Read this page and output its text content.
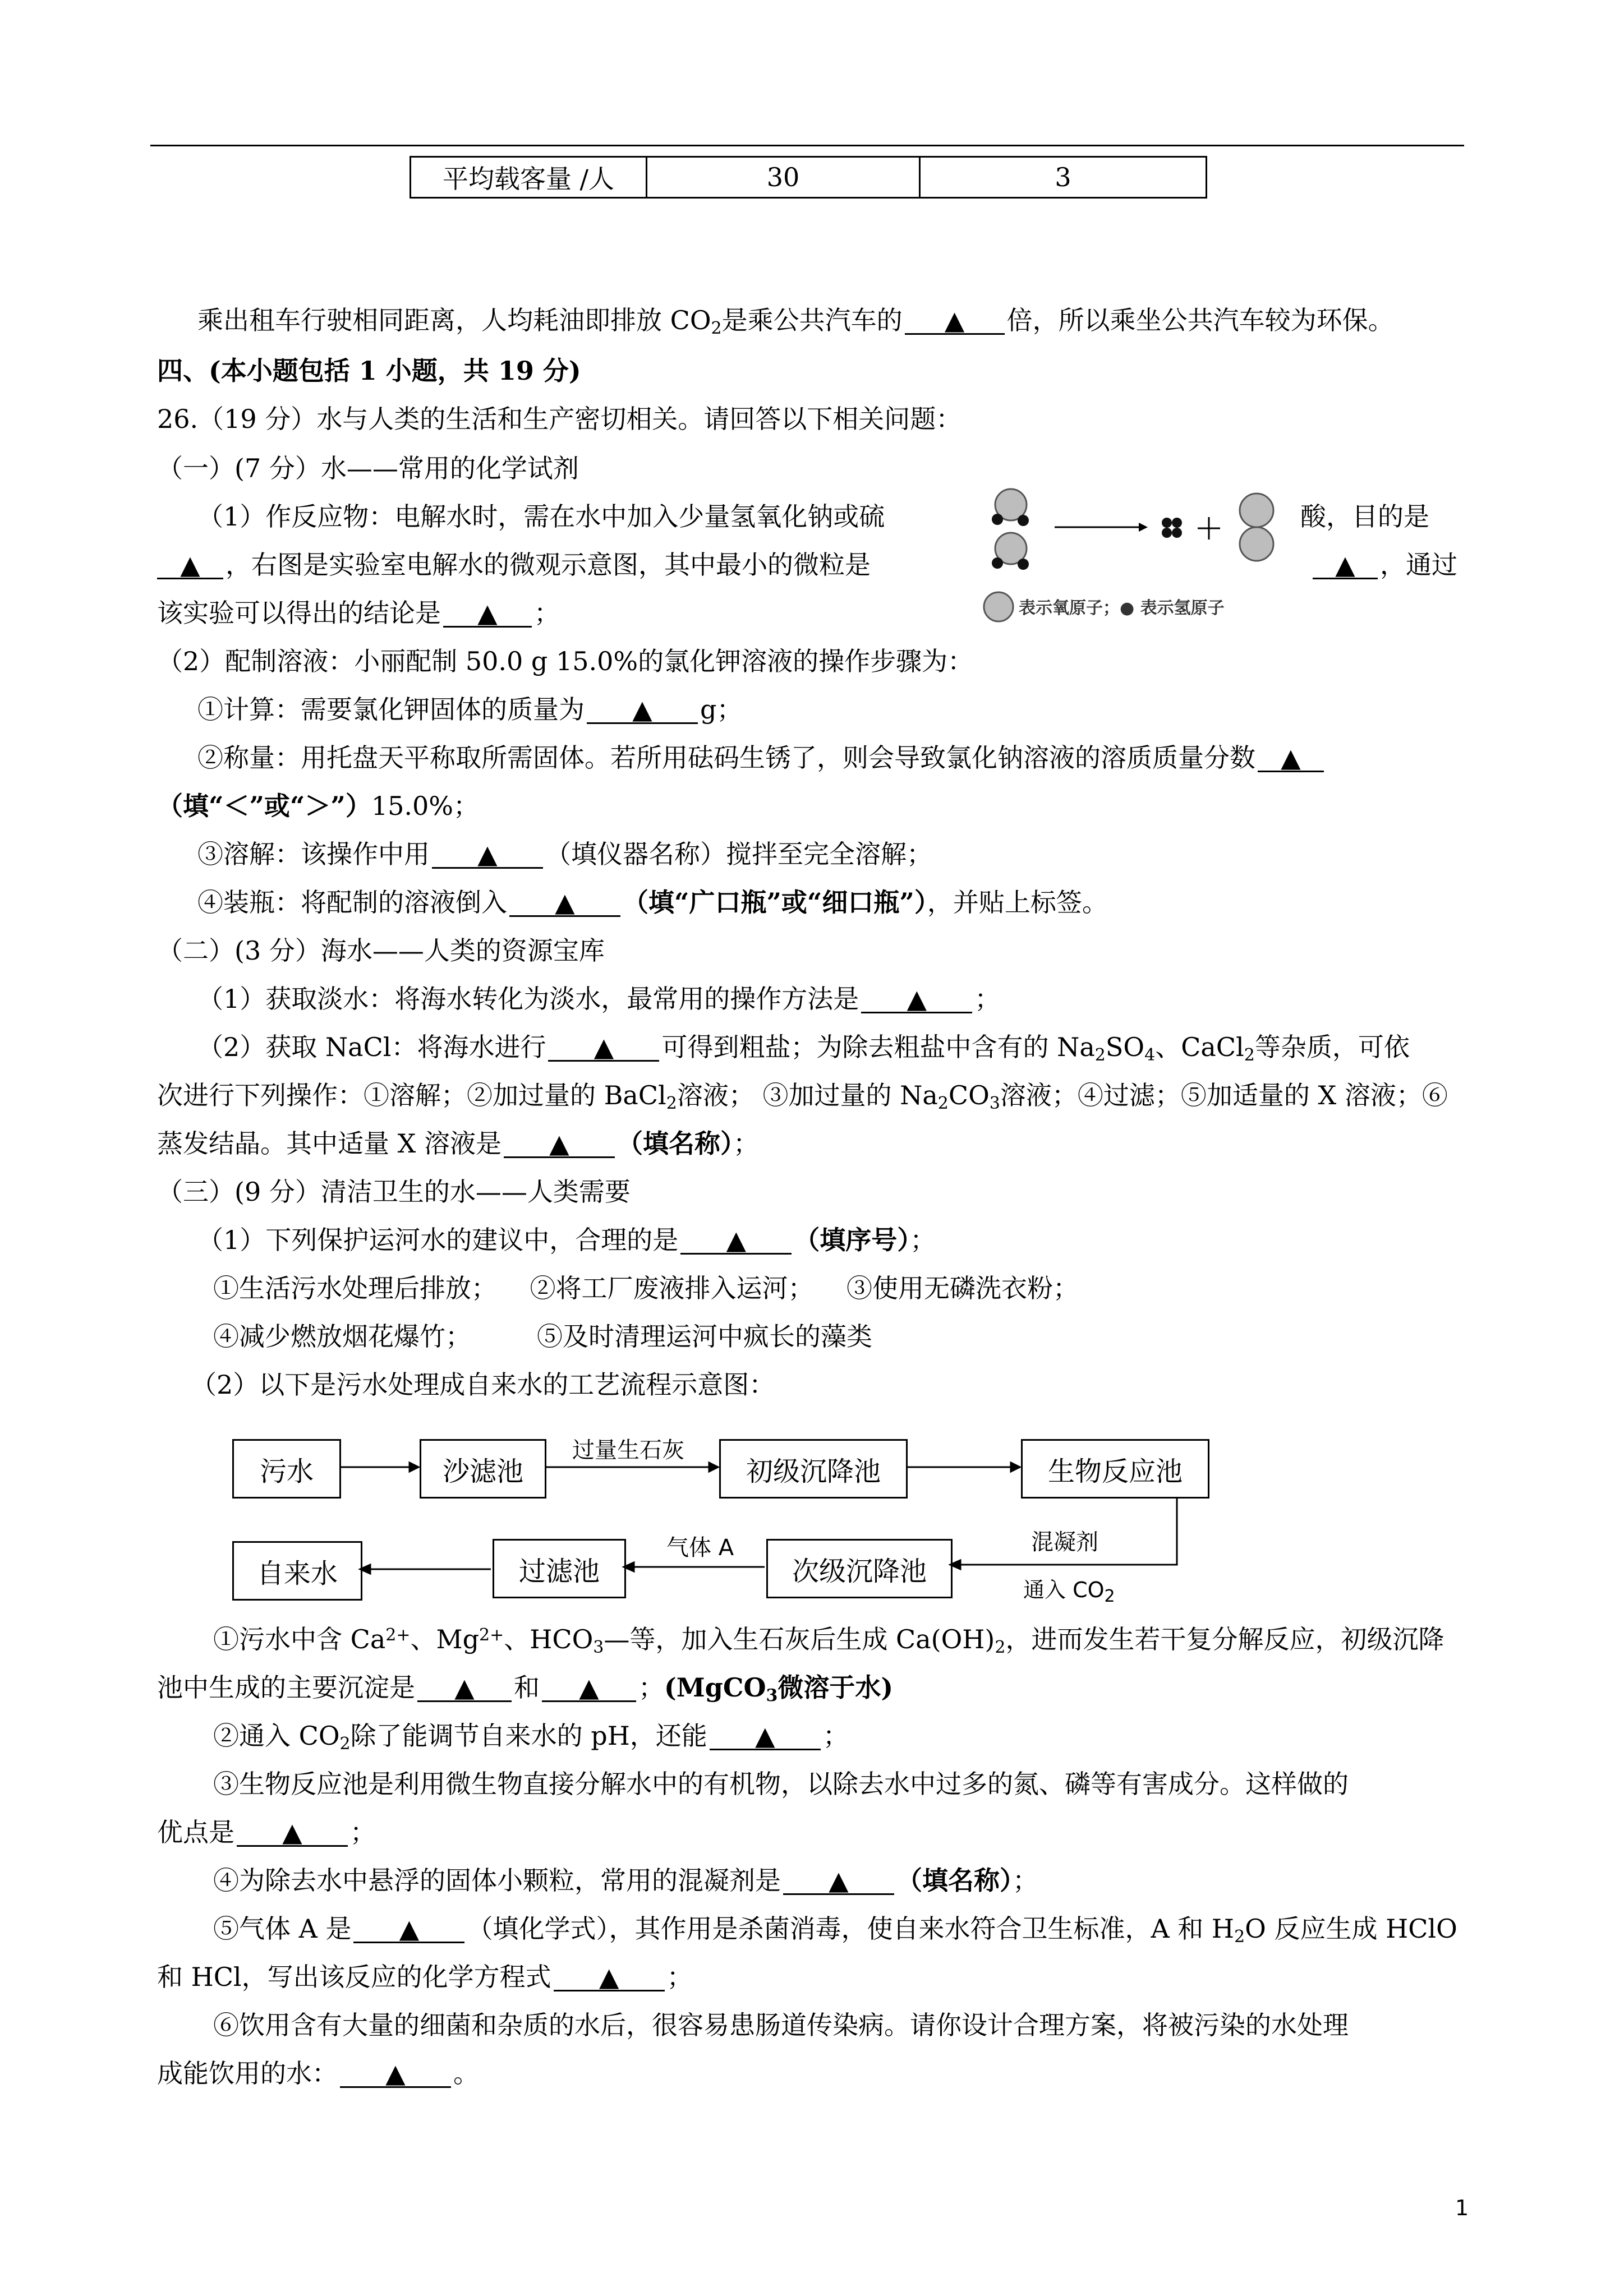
平均载客量 /人	30	3
乘出租车行驶相同距离，人均耗油即排放 $CO_2$是乘公共汽车的 ▲ 倍，所以乘坐公共汽车较为环保。
四、(本小题包括 1 小题，共 19 分)
26.（19 分）水与人类的生活和生产密切相关。请回答以下相关问题：
（一）(7 分）水——常用的化学试剂
（1）作反应物：电解水时，需在水中加入少量氢氧化钠或硫	酸，目的是
▲ ，右图是实验室电解水的微观示意图，其中最小的微粒是	▲ ，通过
该实验可以得出的结论是 ▲ ；	表示氧原子；● 表示氢原子
（2）配制溶液：小丽配制 50.0 g 15.0%的氯化钾溶液的操作步骤为：
①计算：需要氯化钾固体的质量为 ▲ g；
②称量：用托盘天平称取所需固体。若所用砝码生锈了，则会导致氯化钠溶液的溶质质量分数 ▲
（填“＜”或“＞”）15.0%；
③溶解：该操作中用 ▲ （填仪器名称）搅拌至完全溶解；
④装瓶：将配制的溶液倒入 ▲ （填“广口瓶”或“细口瓶”），并贴上标签。
（二）(3 分）海水——人类的资源宝库
（1）获取淡水：将海水转化为淡水，最常用的操作方法是 ▲ ；
（2）获取 NaCl：将海水进行 ▲ 可得到粗盐；为除去粗盐中含有的 $Na_2SO_4$、CaCl$_2$等杂质，可依
次进行下列操作：①溶解；②加过量的 BaCl$_2$溶液； ③加过量的 $Na_2CO_3$溶液；④过滤；⑤加适量的 X 溶液；⑥
蒸发结晶。其中适量 X 溶液是 ▲ （填名称）；
（三）(9 分）清洁卫生的水——人类需要
（1）下列保护运河水的建议中，合理的是 ▲ （填序号）；
①生活污水处理后排放；    ②将工厂废液排入运河；    ③使用无磷洗衣粉；
④减少燃放烟花爆竹；        ⑤及时清理运河中疯长的藻类
（2）以下是污水处理成自来水的工艺流程示意图：
污水	沙滤池	初级沉降池	生物反应池
自来水	过滤池	次级沉降池
过量生石灰
混凝剂
通入 $CO_2$
气体 A
①污水中含 $Ca^{2+}$、$Mg^{2+}$、$HCO_3—$等，加入生石灰后生成 $Ca(OH)_2$，进而发生若干复分解反应，初级沉降
池中生成的主要沉淀是 ▲ 和 ▲ ；(MgCO$_3$微溶于水)
②通入 $CO_2$除了能调节自来水的 pH，还能 ▲ ；
③生物反应池是利用微生物直接分解水中的有机物，以除去水中过多的氮、磷等有害成分。这样做的
优点是 ▲ ；
④为除去水中悬浮的固体小颗粒，常用的混凝剂是 ▲ （填名称）；
⑤气体 A 是 ▲ （填化学式），其作用是杀菌消毒，使自来水符合卫生标准，A 和 $H_2O$ 反应生成 HClO
和 HCl，写出该反应的化学方程式 ▲ ；
⑥饮用含有大量的细菌和杂质的水后，很容易患肠道传染病。请你设计合理方案，将被污染的水处理
成能饮用的水： ▲ 。
1
